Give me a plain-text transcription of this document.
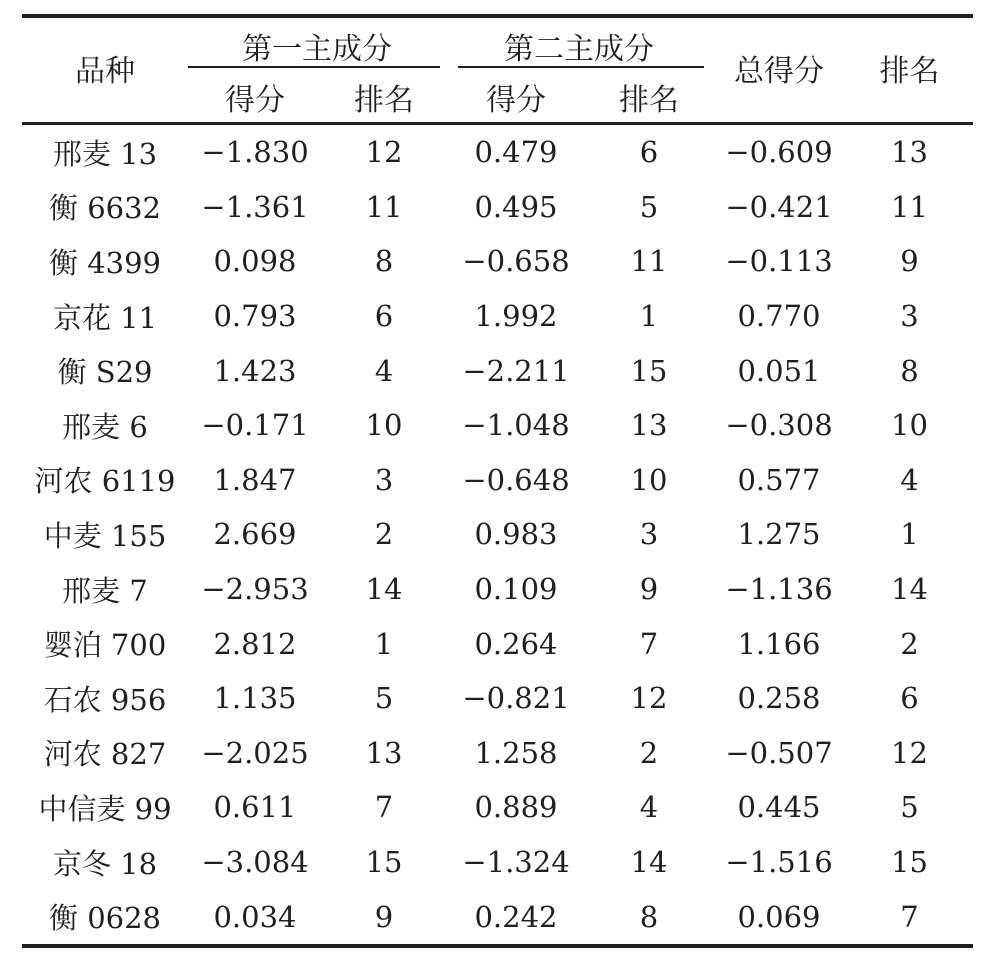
品种	第一主成分		第二主成分		总得分	排名
	得分	排名	得分	排名		
邢麦 13	−1.830	12	0.479	6	−0.609	13
衡 6632	−1.361	11	0.495	5	−0.421	11
衡 4399	0.098	8	−0.658	11	−0.113	9
京花 11	0.793	6	1.992	1	0.770	3
衡 S29	1.423	4	−2.211	15	0.051	8
邢麦 6	−0.171	10	−1.048	13	−0.308	10
河农 6119	1.847	3	−0.648	10	0.577	4
中麦 155	2.669	2	0.983	3	1.275	1
邢麦 7	−2.953	14	0.109	9	−1.136	14
婴泊 700	2.812	1	0.264	7	1.166	2
石农 956	1.135	5	−0.821	12	0.258	6
河农 827	−2.025	13	1.258	2	−0.507	12
中信麦 99	0.611	7	0.889	4	0.445	5
京冬 18	−3.084	15	−1.324	14	−1.516	15
衡 0628	0.034	9	0.242	8	0.069	7
